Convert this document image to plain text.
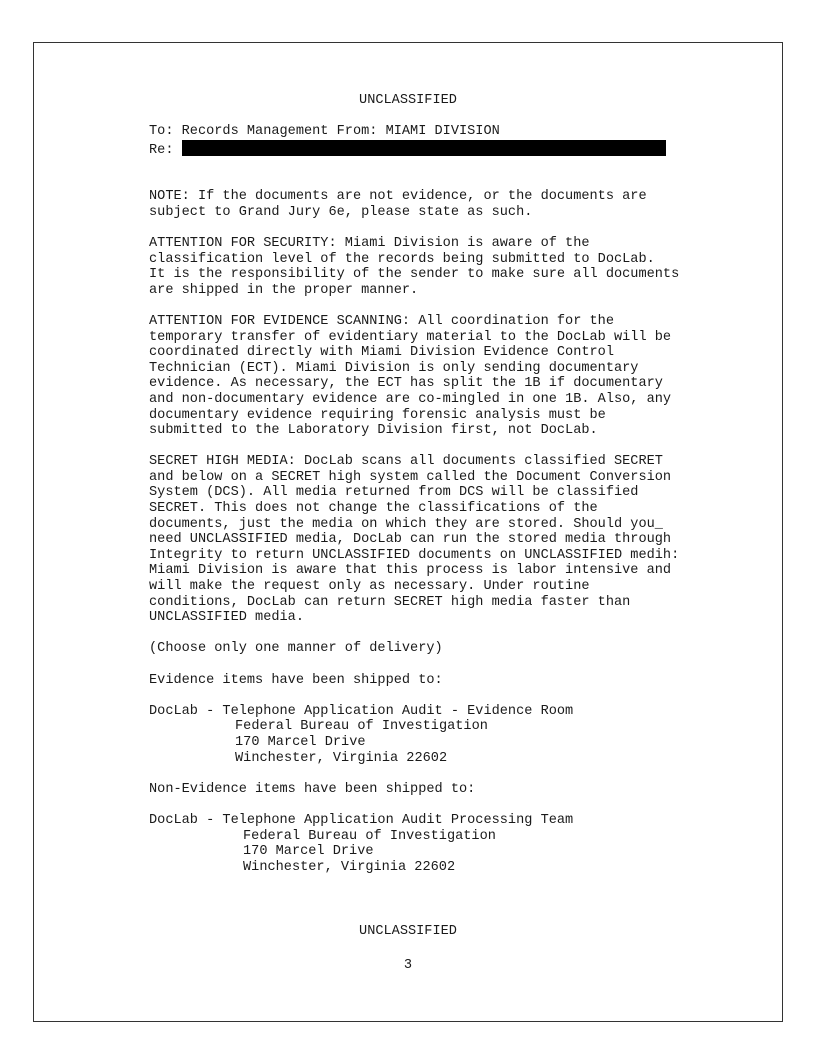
UNCLASSIFIED
To: Records Management From: MIAMI DIVISION
Re:
NOTE: If the documents are not evidence, or the documents are
subject to Grand Jury 6e, please state as such.
ATTENTION FOR SECURITY: Miami Division is aware of the
classification level of the records being submitted to DocLab.
It is the responsibility of the sender to make sure all documents
are shipped in the proper manner.
ATTENTION FOR EVIDENCE SCANNING: All coordination for the
temporary transfer of evidentiary material to the DocLab will be
coordinated directly with Miami Division Evidence Control
Technician (ECT). Miami Division is only sending documentary
evidence. As necessary, the ECT has split the 1B if documentary
and non-documentary evidence are co-mingled in one 1B. Also, any
documentary evidence requiring forensic analysis must be
submitted to the Laboratory Division first, not DocLab.
SECRET HIGH MEDIA: DocLab scans all documents classified SECRET
and below on a SECRET high system called the Document Conversion
System (DCS). All media returned from DCS will be classified
SECRET. This does not change the classifications of the
documents, just the media on which they are stored. Should you_
need UNCLASSIFIED media, DocLab can run the stored media through
Integrity to return UNCLASSIFIED documents on UNCLASSIFIED medih:
Miami Division is aware that this process is labor intensive and
will make the request only as necessary. Under routine
conditions, DocLab can return SECRET high media faster than
UNCLASSIFIED media.
(Choose only one manner of delivery)
Evidence items have been shipped to:
DocLab - Telephone Application Audit - Evidence Room
Federal Bureau of Investigation
170 Marcel Drive
Winchester, Virginia 22602
Non-Evidence items have been shipped to:
DocLab - Telephone Application Audit Processing Team
Federal Bureau of Investigation
170 Marcel Drive
Winchester, Virginia 22602
UNCLASSIFIED
3
